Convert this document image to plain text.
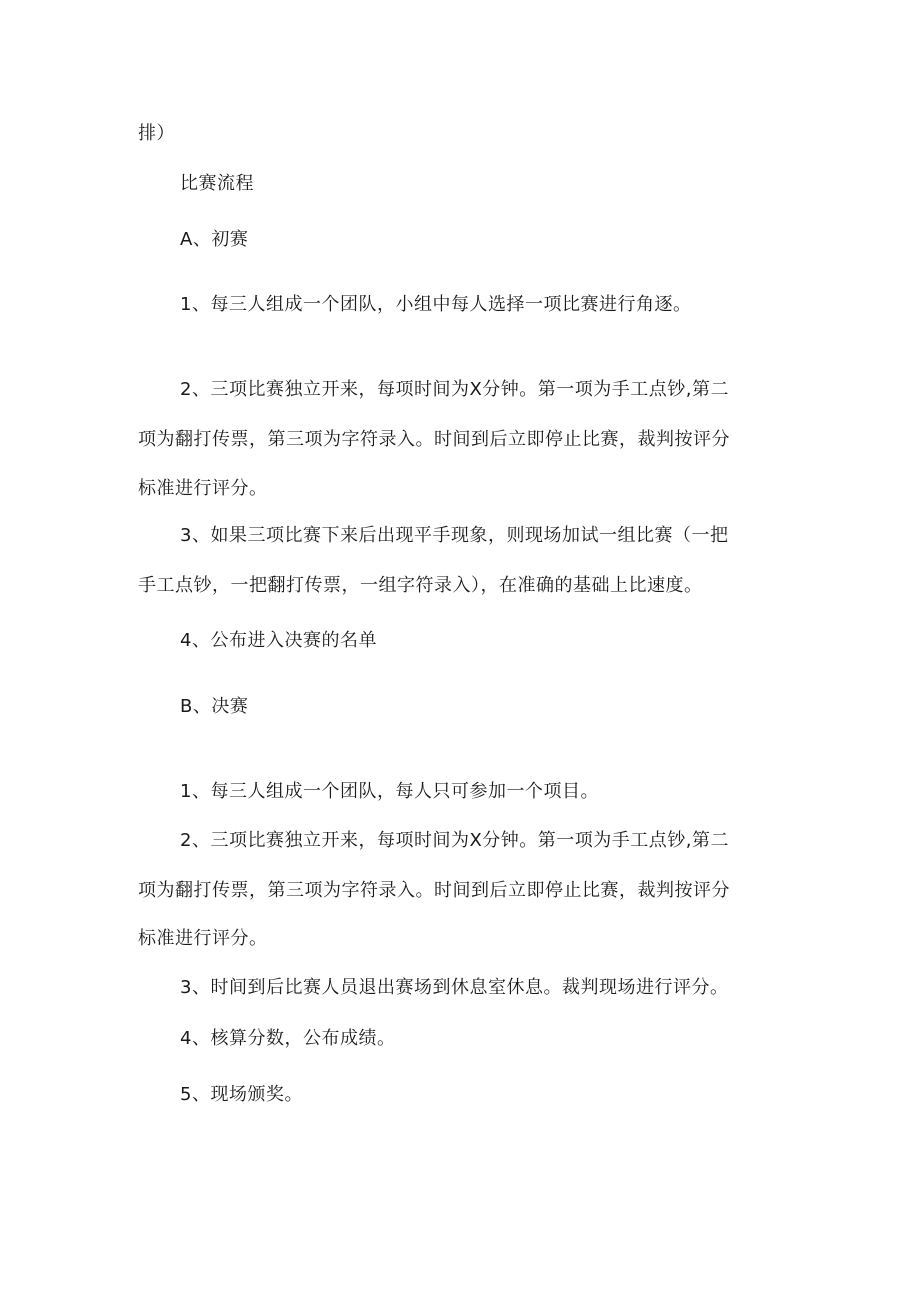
排）
比赛流程
A、初赛
1、每三人组成一个团队，小组中每人选择一项比赛进行角逐。
2、三项比赛独立开来，每项时间为X分钟。第一项为手工点钞,第二
项为翻打传票，第三项为字符录入。时间到后立即停止比赛，裁判按评分
标准进行评分。
3、如果三项比赛下来后出现平手现象，则现场加试一组比赛（一把
手工点钞，一把翻打传票，一组字符录入），在准确的基础上比速度。
4、公布进入决赛的名单
B、决赛
1、每三人组成一个团队，每人只可参加一个项目。
2、三项比赛独立开来，每项时间为X分钟。第一项为手工点钞,第二
项为翻打传票，第三项为字符录入。时间到后立即停止比赛，裁判按评分
标准进行评分。
3、时间到后比赛人员退出赛场到休息室休息。裁判现场进行评分。
4、核算分数，公布成绩。
5、现场颁奖。
